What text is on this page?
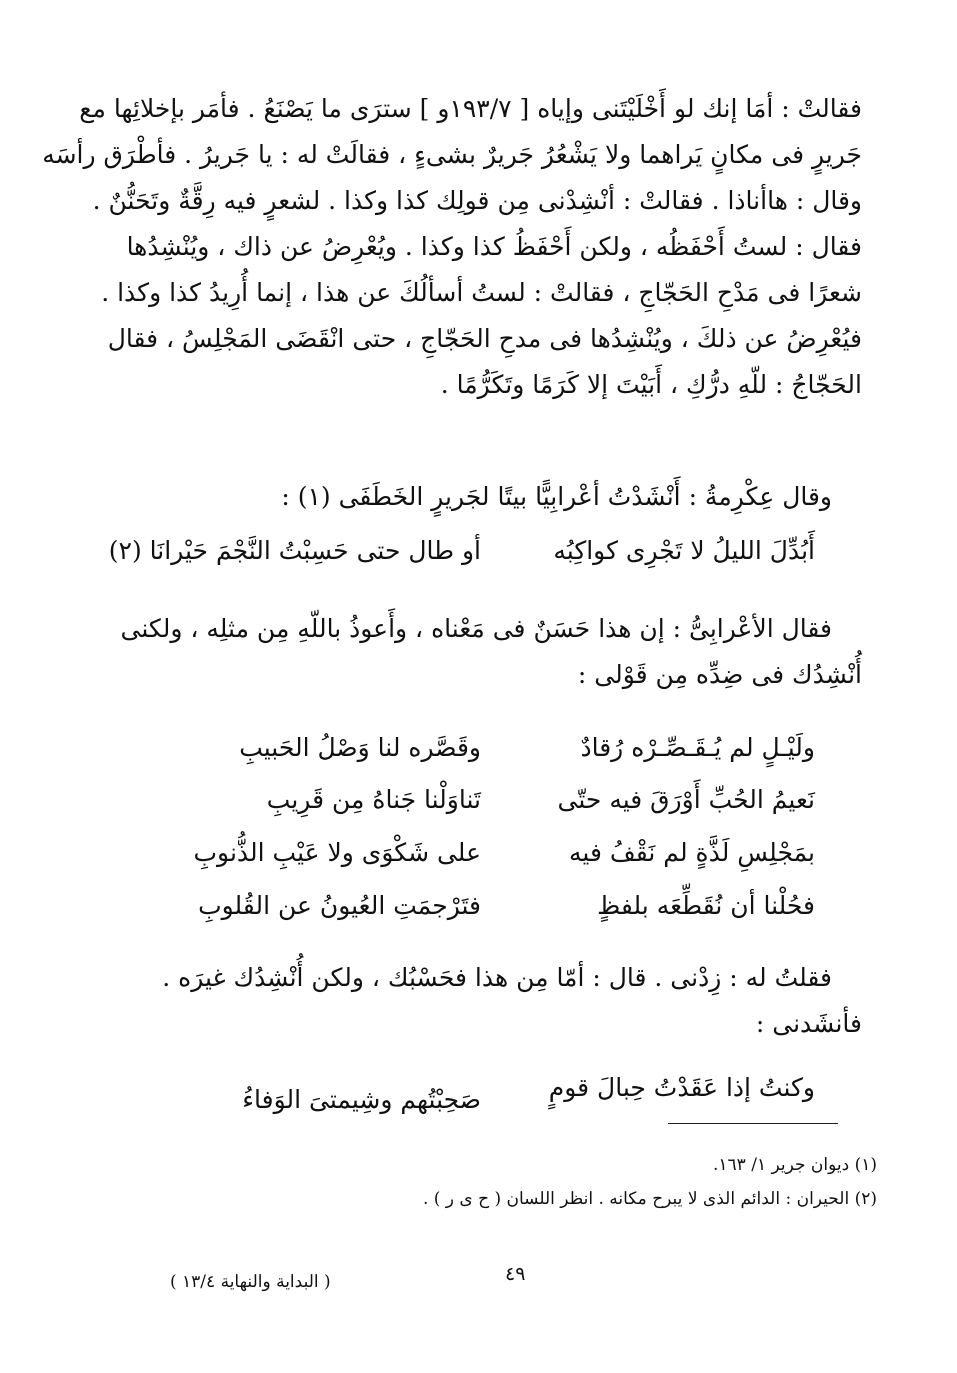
فقالتْ : أمَا إنك لو أَخْلَيْتَنى وإياه [ ١٩٣/٧و ] سترَى ما يَصْنَعُ . فأمَر بإخلائِها مع
جَريرٍ فى مكانٍ يَراهما ولا يَشْعُرُ جَريرٌ بشىءٍ ، فقالَتْ له : يا جَريرُ . فأطْرَق رأسَه
وقال : هاأناذا . فقالتْ : أنْشِدْنى مِن قولِك كذا وكذا . لشعرٍ فيه رِقَّةٌ وتَحَنُّنٌ .
فقال : لستُ أَحْفَظُه ، ولكن أَحْفَظُ كذا وكذا . ويُعْرِضُ عن ذاك ، ويُنْشِدُها
شعرًا فى مَدْحِ الحَجّاجِ ، فقالتْ : لستُ أسألُكَ عن هذا ، إنما أُرِيدُ كذا وكذا .
فيُعْرِضُ عن ذلكَ ، ويُنْشِدُها فى مدحِ الحَجّاجِ ، حتى انْقَضَى المَجْلِسُ ، فقال
الحَجّاجُ : للّهِ درُّكِ ، أَبَيْتَ إلا كَرَمًا وتَكَرُّمًا .
وقال عِكْرِمةُ : أَنْشَدْتُ أعْرابِيًّا بيتًا لجَريرٍ الخَطَفَى (١) :
أَبُدِّلَ الليلُ لا تَجْرِى كواكِبُه
أو طال حتى حَسِبْتُ النَّجْمَ حَيْرانَا (٢)
فقال الأعْرابِىُّ : إن هذا حَسَنٌ فى مَعْناه ، وأَعوذُ باللّهِ مِن مثلِه ، ولكنى
أُنْشِدُك فى ضِدِّه مِن قَوْلى :
ولَيْـلٍ لم يُـقَـصِّـرْه رُقادٌ
وقَصَّره لنا وَصْلُ الحَبيبِ
نَعيمُ الحُبِّ أَوْرَقَ فيه حتّى
تَناوَلْنا جَناهُ مِن قَرِيبِ
بمَجْلِسِ لَذَّةٍ لم نَقْفُ فيه
على شَكْوَى ولا عَيْبِ الذُّنوبِ
فحُلْنا أن نُقَطِّعَه بلفظٍ
فتَرْجمَتِ العُيونُ عن القُلوبِ
فقلتُ له : زِدْنى . قال : أمّا مِن هذا فحَسْبُك ، ولكن أُنْشِدُك غيرَه .
فأنشَدنى :
وكنتُ إذا عَقَدْتُ حِبالَ قومٍ
صَحِبْتُهم وشِيمتىَ الوَفاءُ
(١) ديوان جرير ١/ ١٦٣.
(٢) الحيران : الدائم الذى لا يبرح مكانه . انظر اللسان ( ح ى ر ) .
٤٩
( البداية والنهاية ١٣/٤ )
